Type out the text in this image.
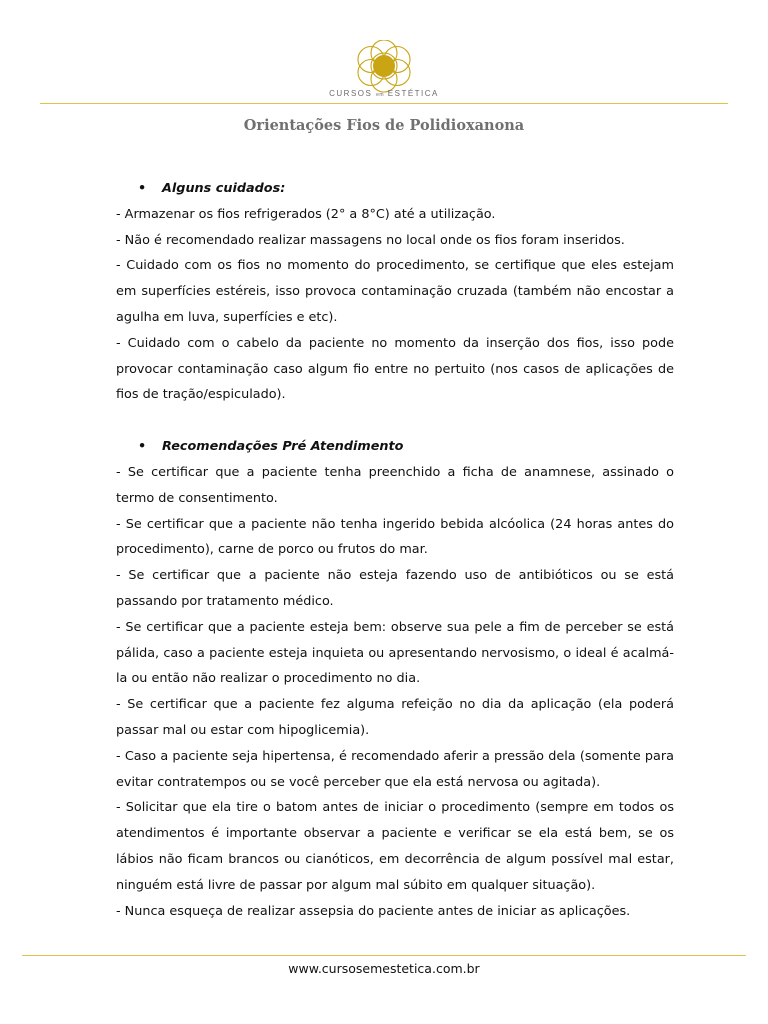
CURSOS em ESTÉTICA
Orientações Fios de Polidioxanona

• Alguns cuidados:

- Armazenar os fios refrigerados (2° a 8°C) até a utilização.

- Não é recomendado realizar massagens no local onde os fios foram inseridos.

- Cuidado com os fios no momento do procedimento, se certifique que eles estejam em superfícies estéreis, isso provoca contaminação cruzada (também não encostar a agulha em luva, superfícies e etc).

- Cuidado com o cabelo da paciente no momento da inserção dos fios, isso pode provocar contaminação caso algum fio entre no pertuito (nos casos de aplicações de fios de tração/espiculado).

• Recomendações Pré Atendimento

- Se certificar que a paciente tenha preenchido a ficha de anamnese, assinado o termo de consentimento.

- Se certificar que a paciente não tenha ingerido bebida alcóolica (24 horas antes do procedimento), carne de porco ou frutos do mar.

- Se certificar que a paciente não esteja fazendo uso de antibióticos ou se está passando por tratamento médico.

- Se certificar que a paciente esteja bem: observe sua pele a fim de perceber se está pálida, caso a paciente esteja inquieta ou apresentando nervosismo, o ideal é acalmá-la ou então não realizar o procedimento no dia.

- Se certificar que a paciente fez alguma refeição no dia da aplicação (ela poderá passar mal ou estar com hipoglicemia).

- Caso a paciente seja hipertensa, é recomendado aferir a pressão dela (somente para evitar contratempos ou se você perceber que ela está nervosa ou agitada).

- Solicitar que ela tire o batom antes de iniciar o procedimento (sempre em todos os atendimentos é importante observar a paciente e verificar se ela está bem, se os lábios não ficam brancos ou cianóticos, em decorrência de algum possível mal estar, ninguém está livre de passar por algum mal súbito em qualquer situação).

- Nunca esqueça de realizar assepsia do paciente antes de iniciar as aplicações.

www.cursosemestetica.com.br
